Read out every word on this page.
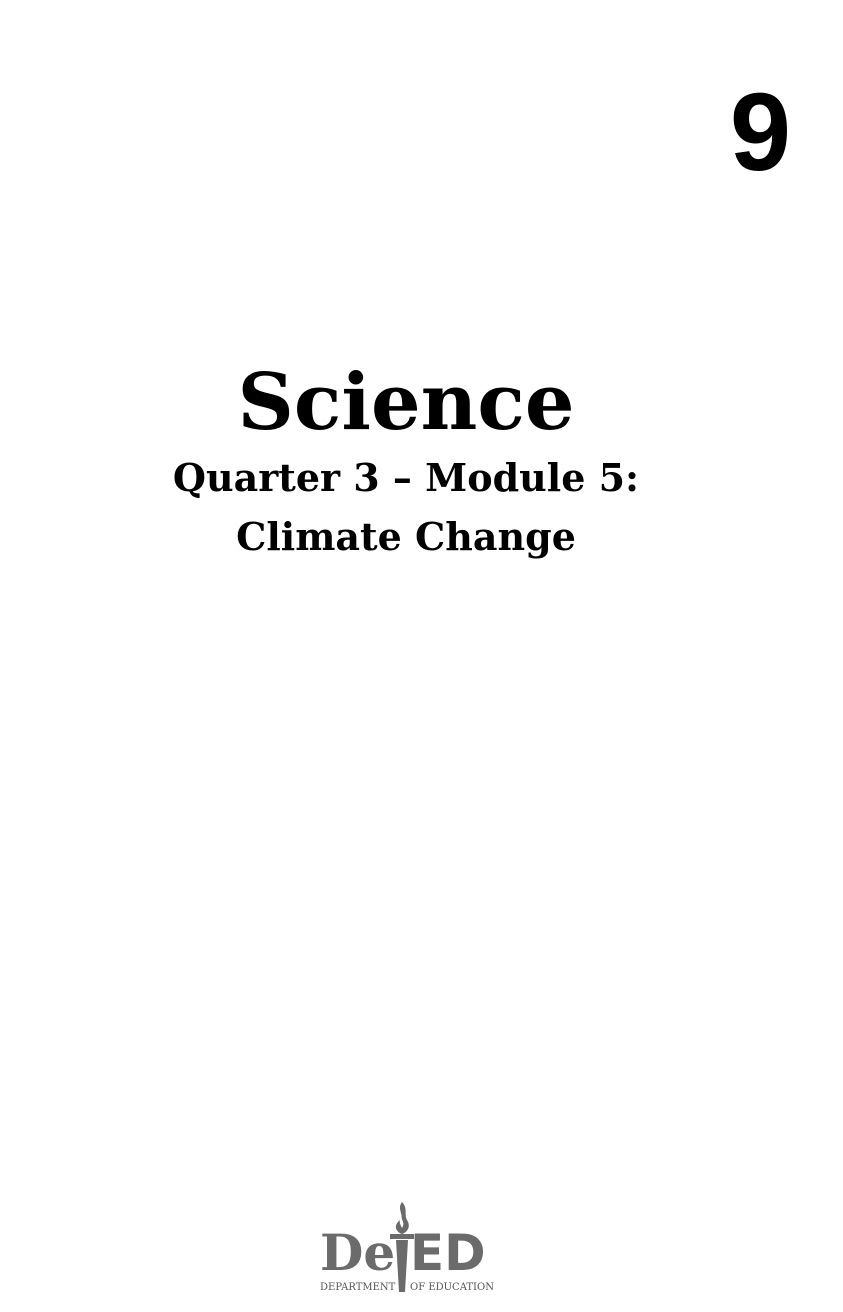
9
Science
Quarter 3 – Module 5:
Climate Change
De ED
DEPARTMENT OF EDUCATION
